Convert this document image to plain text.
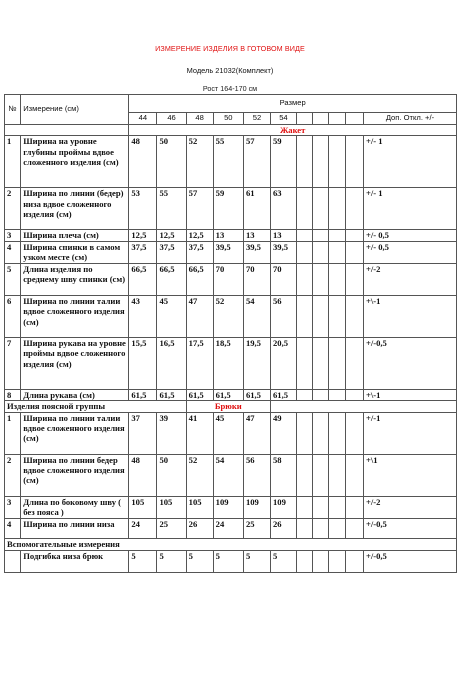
ИЗМЕРЕНИЕ ИЗДЕЛИЯ В ГОТОВОМ ВИДЕ
Модель 21032(Комплект)
Рост 164-170 см
№	Измерение (см)	Размер										
		44	46	48	50	52	54					Доп. Откл. +/-
		Жакет										
1	Ширина на уровне глубины проймы вдвое сложенного изделия (см)	48	50	52	55	57	59					+/- 1
2	Ширина по линии (бедер) низа вдвое сложенного изделия (см)	53	55	57	59	61	63					+/- 1
3	Ширина плеча (см)	12,5	12,5	12,5	13	13	13					+/- 0,5
4	Ширина спинки в самом узком месте (см)	37,5	37,5	37,5	39,5	39,5	39,5					+/- 0,5
5	Длина изделия по среднему шву спинки (см)	66,5	66,5	66,5	70	70	70					+/-2
6	Ширина по линии талии вдвое сложенного изделия (см)	43	45	47	52	54	56					+\-1
7	Ширина рукава на уровне проймы вдвое сложенного изделия (см)	15,5	16,5	17,5	18,5	19,5	20,5					+/-0,5
8	Длина рукава (см)	61,5	61,5	61,5	61,5	61,5	61,5					+\-1
Изделия поясной группы				Брюки								
1	Ширина по линии талии вдвое сложенного изделия (см)	37	39	41	45	47	49					+/-1
2	Ширина по линии бедер вдвое сложенного изделия (см)	48	50	52	54	56	58					+\1
3	Длина по боковому шву ( без пояса )	105	105	105	109	109	109					+/-2
4	Ширина по линии низа	24	25	26	24	25	26					+/-0,5
Вспомогательные измерения												
	Подгибка низа брюк	5	5	5	5	5	5					+/-0,5
